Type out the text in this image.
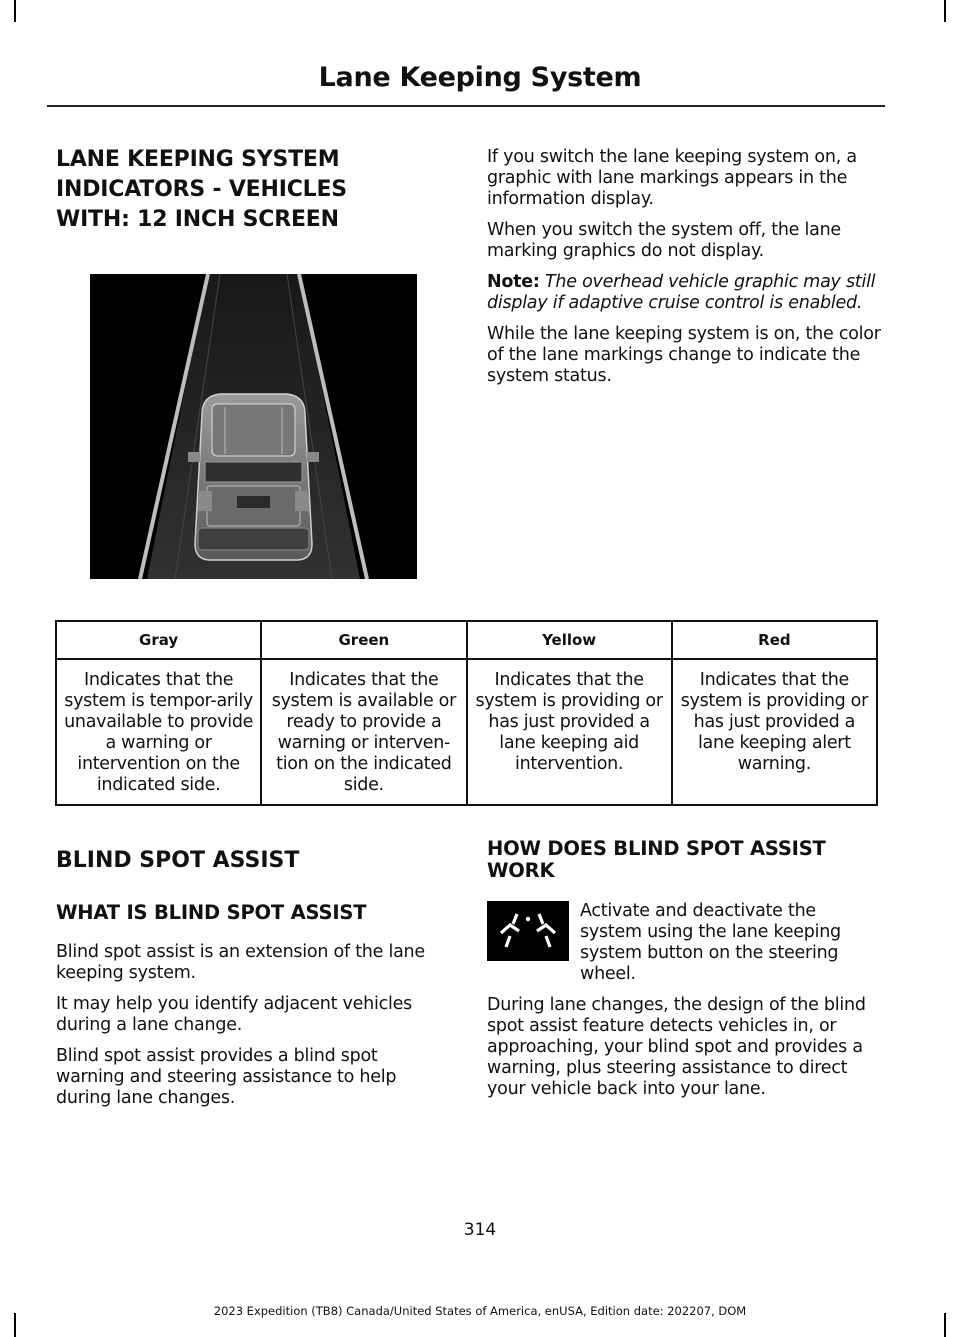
Lane Keeping System
LANE KEEPING SYSTEM
INDICATORS - VEHICLES
WITH: 12 INCH SCREEN

If you switch the lane keeping system on, a graphic with lane markings appears in the information display.

When you switch the system off, the lane marking graphics do not display.

Note: The overhead vehicle graphic may still display if adaptive cruise control is enabled.

While the lane keeping system is on, the color of the lane markings change to indicate the system status.

Gray	Green	Yellow	Red
Indicates that the system is tempor-arily unavailable to provide a warning or intervention on the indicated side.	Indicates that the system is available or ready to provide a warning or interven-tion on the indicated side.	Indicates that the system is providing or has just provided a lane keeping aid intervention.	Indicates that the system is providing or has just provided a lane keeping alert warning.
BLIND SPOT ASSIST
WHAT IS BLIND SPOT ASSIST

Blind spot assist is an extension of the lane keeping system.

It may help you identify adjacent vehicles during a lane change.

Blind spot assist provides a blind spot warning and steering assistance to help during lane changes.

HOW DOES BLIND SPOT ASSIST WORK

Activate and deactivate the system using the lane keeping system button on the steering wheel.

During lane changes, the design of the blind spot assist feature detects vehicles in, or approaching, your blind spot and provides a warning, plus steering assistance to direct your vehicle back into your lane.

314
2023 Expedition (TB8) Canada/United States of America, enUSA, Edition date: 202207, DOM
